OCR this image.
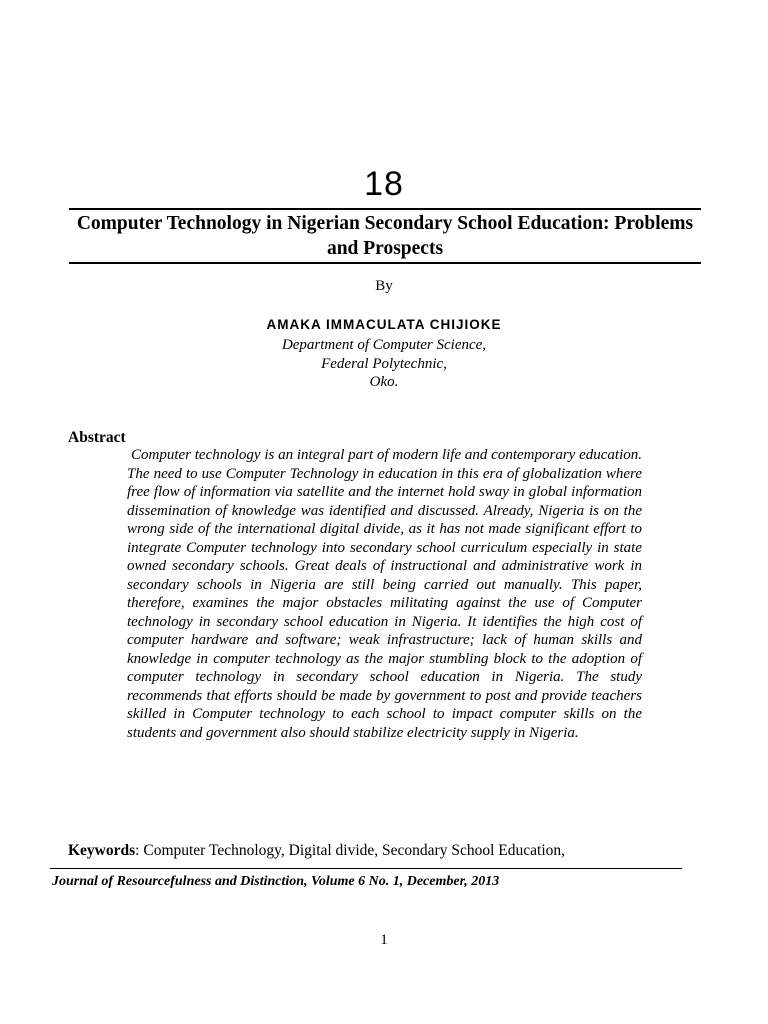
18
Computer Technology in Nigerian Secondary School Education: Problems and Prospects
By
AMAKA IMMACULATA CHIJIOKE
Department of Computer Science,
Federal Polytechnic,
Oko.
Abstract
Computer technology is an integral part of modern life and contemporary education. The need to use Computer Technology in education in this era of globalization where free flow of information via satellite and the internet hold sway in global information dissemination of knowledge was identified and discussed. Already, Nigeria is on the wrong side of the international digital divide, as it has not made significant effort to integrate Computer technology into secondary school curriculum especially in state owned secondary schools. Great deals of instructional and administrative work in secondary schools in Nigeria are still being carried out manually. This paper, therefore, examines the major obstacles militating against the use of Computer technology in secondary school education in Nigeria. It identifies the high cost of computer hardware and software; weak infrastructure; lack of human skills and knowledge in computer technology as the major stumbling block to the adoption of computer technology in secondary school education in Nigeria. The study recommends that efforts should be made by government to post and provide teachers skilled in Computer technology to each school to impact computer skills on the students and government also should stabilize electricity supply in Nigeria.
Keywords: Computer Technology, Digital divide, Secondary School Education,
Journal of Resourcefulness and Distinction, Volume 6 No. 1, December, 2013
1
